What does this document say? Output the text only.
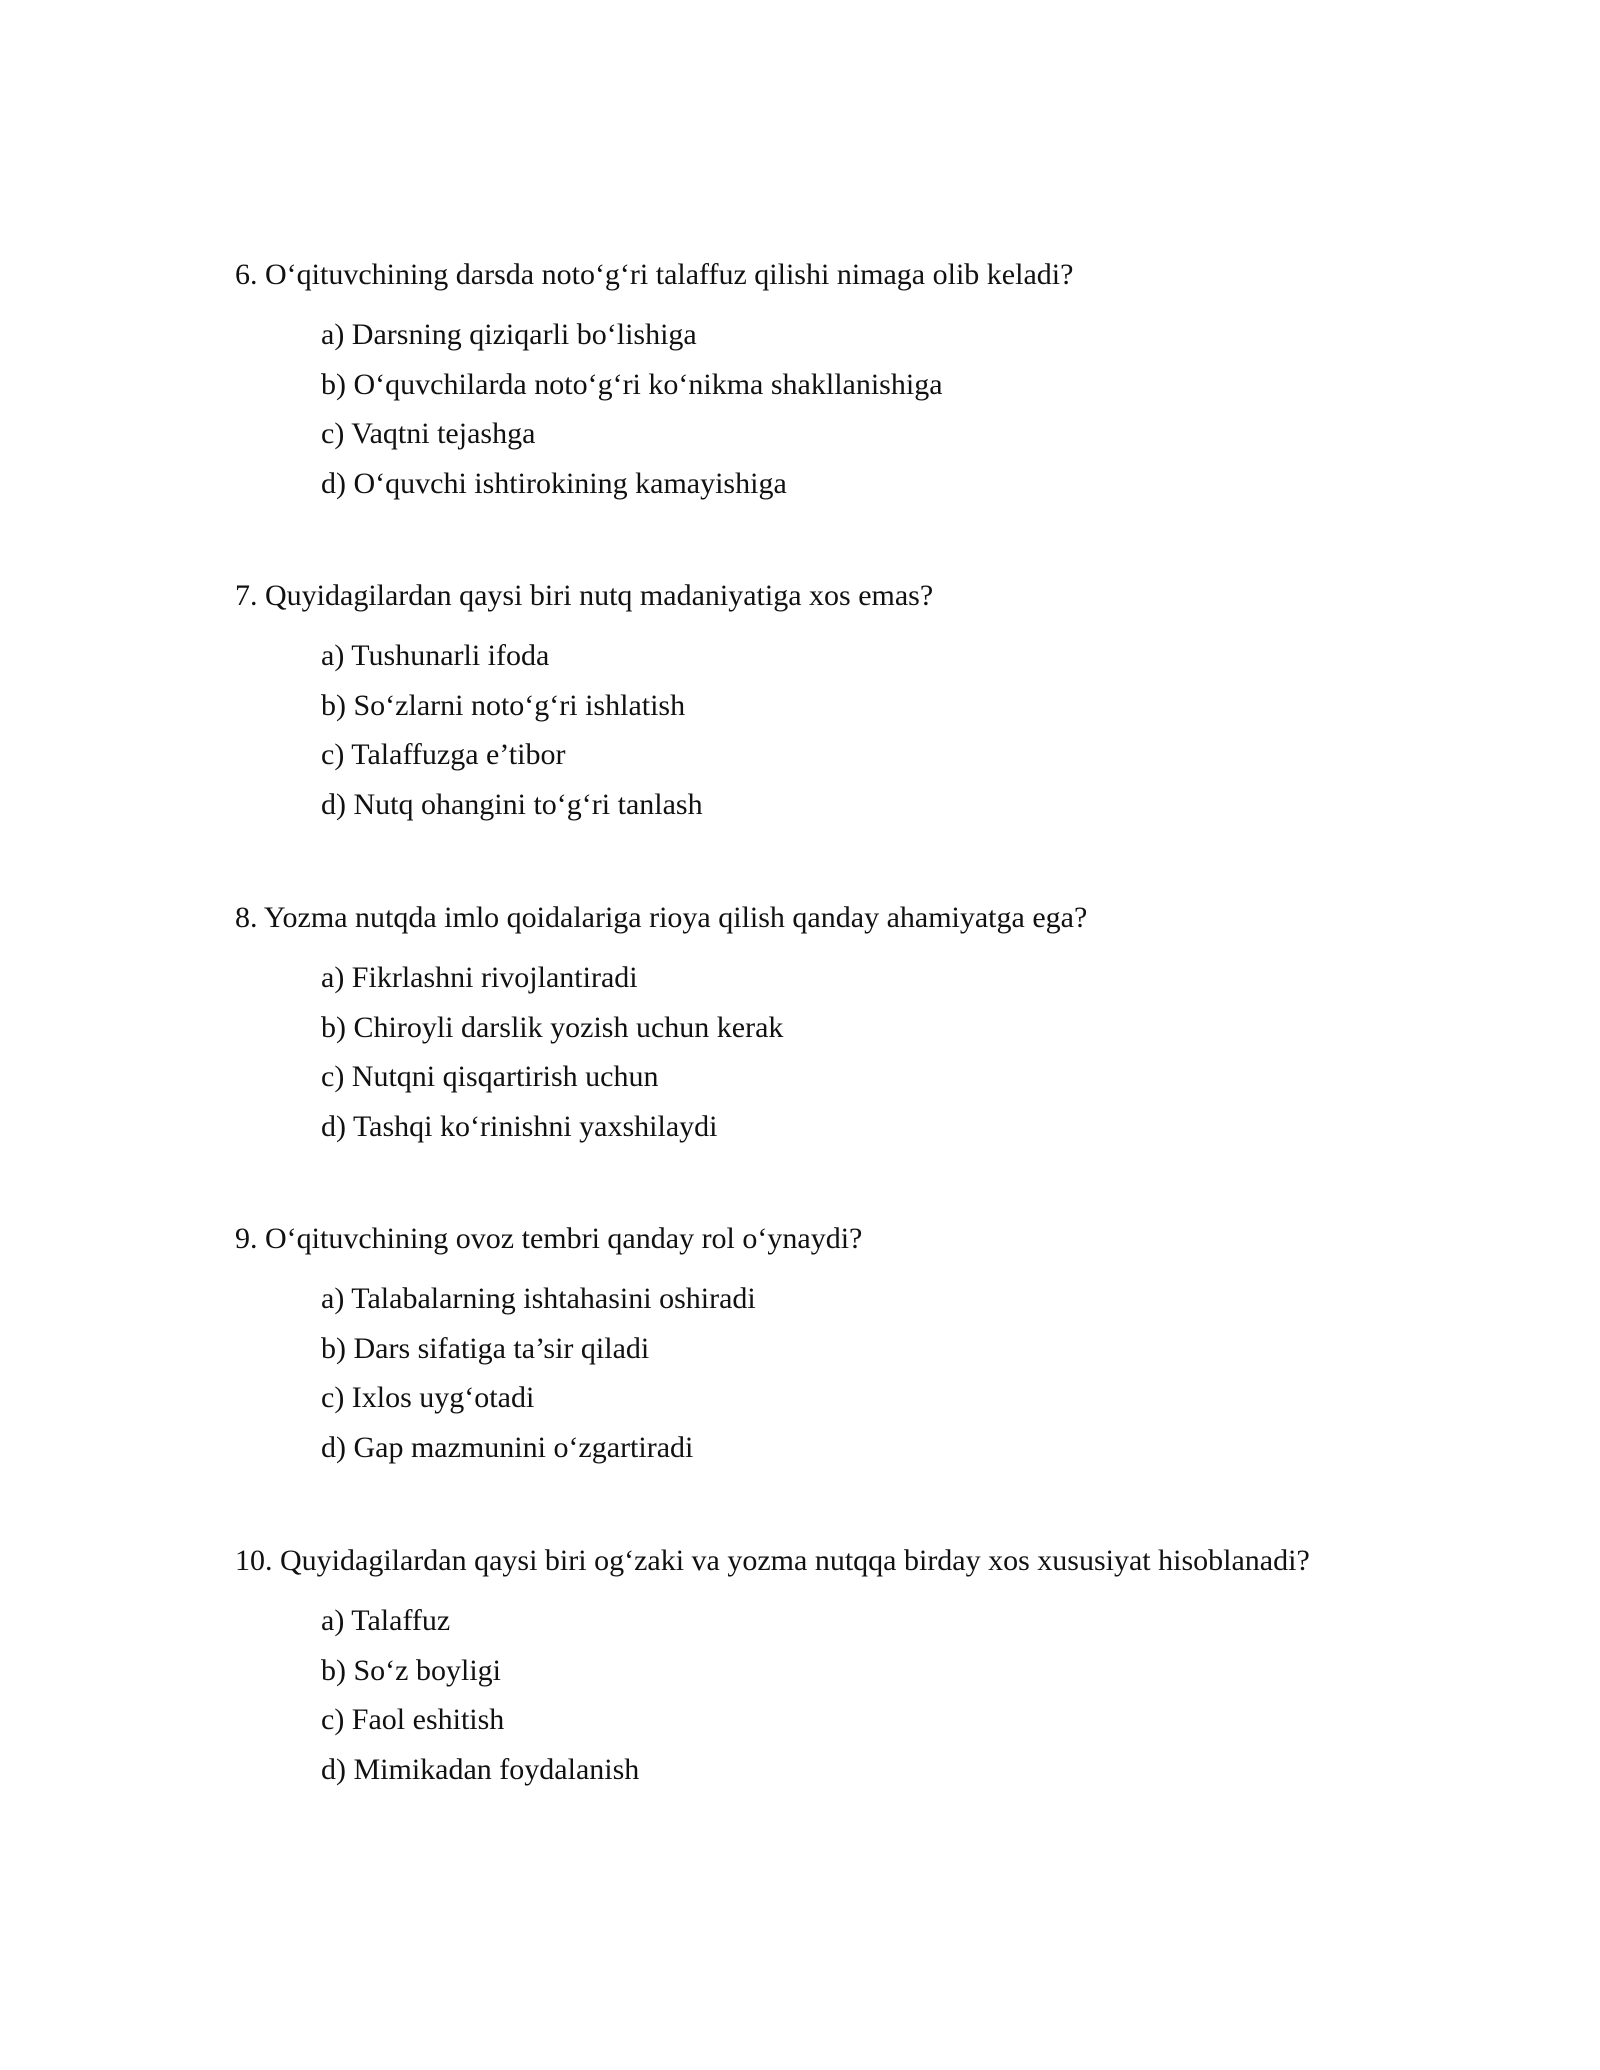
6. O‘qituvchining darsda noto‘g‘ri talaffuz qilishi nimaga olib keladi?

a) Darsning qiziqarli bo‘lishiga
b) O‘quvchilarda noto‘g‘ri ko‘nikma shakllanishiga
c) Vaqtni tejashga
d) O‘quvchi ishtirokining kamayishiga

7. Quyidagilardan qaysi biri nutq madaniyatiga xos emas?

a) Tushunarli ifoda
b) So‘zlarni noto‘g‘ri ishlatish
c) Talaffuzga e’tibor
d) Nutq ohangini to‘g‘ri tanlash

8. Yozma nutqda imlo qoidalariga rioya qilish qanday ahamiyatga ega?

a) Fikrlashni rivojlantiradi
b) Chiroyli darslik yozish uchun kerak
c) Nutqni qisqartirish uchun
d) Tashqi ko‘rinishni yaxshilaydi

9. O‘qituvchining ovoz tembri qanday rol o‘ynaydi?

a) Talabalarning ishtahasini oshiradi
b) Dars sifatiga ta’sir qiladi
c) Ixlos uyg‘otadi
d) Gap mazmunini o‘zgartiradi

10. Quyidagilardan qaysi biri og‘zaki va yozma nutqqa birday xos xususiyat hisoblanadi?

a) Talaffuz
b) So‘z boyligi
c) Faol eshitish
d) Mimikadan foydalanish
